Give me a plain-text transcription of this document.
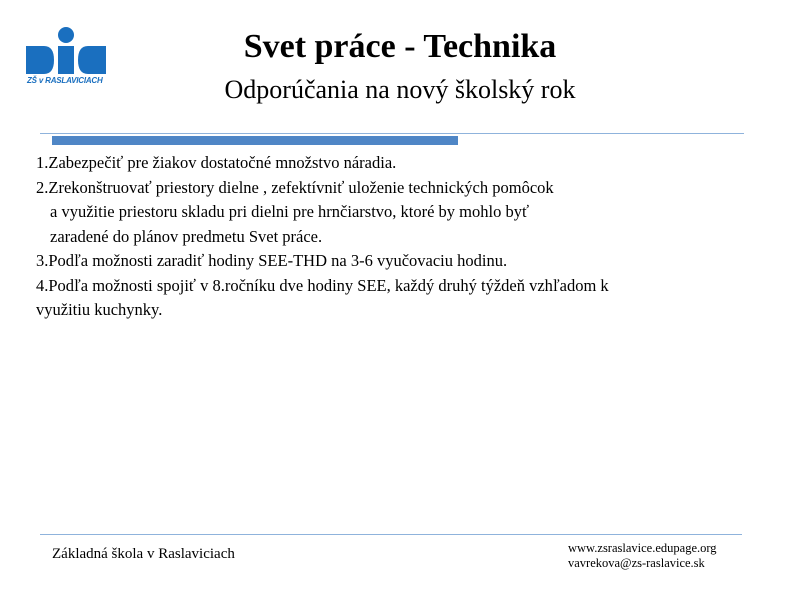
ZŠ v RASLAVICIACH
Svet práce - Technika
Odporúčania na nový školský rok

1.Zabezpečiť pre žiakov dostatočné množstvo náradia.

2.Zrekonštruovať priestory dielne , zefektívniť uloženie technických pomôcok

a využitie priestoru skladu pri dielni pre hrnčiarstvo, ktoré by mohlo byť

zaradené do plánov predmetu Svet práce.

3.Podľa možnosti zaradiť hodiny SEE-THD na 3-6 vyučovaciu hodinu.

4.Podľa možnosti spojiť v 8.ročníku dve hodiny SEE, každý druhý týždeň vzhľadom k

využitiu kuchynky.

Základná škola v Raslaviciach	www.zsraslavice.edupage.org
vavrekova@zs-raslavice.sk
